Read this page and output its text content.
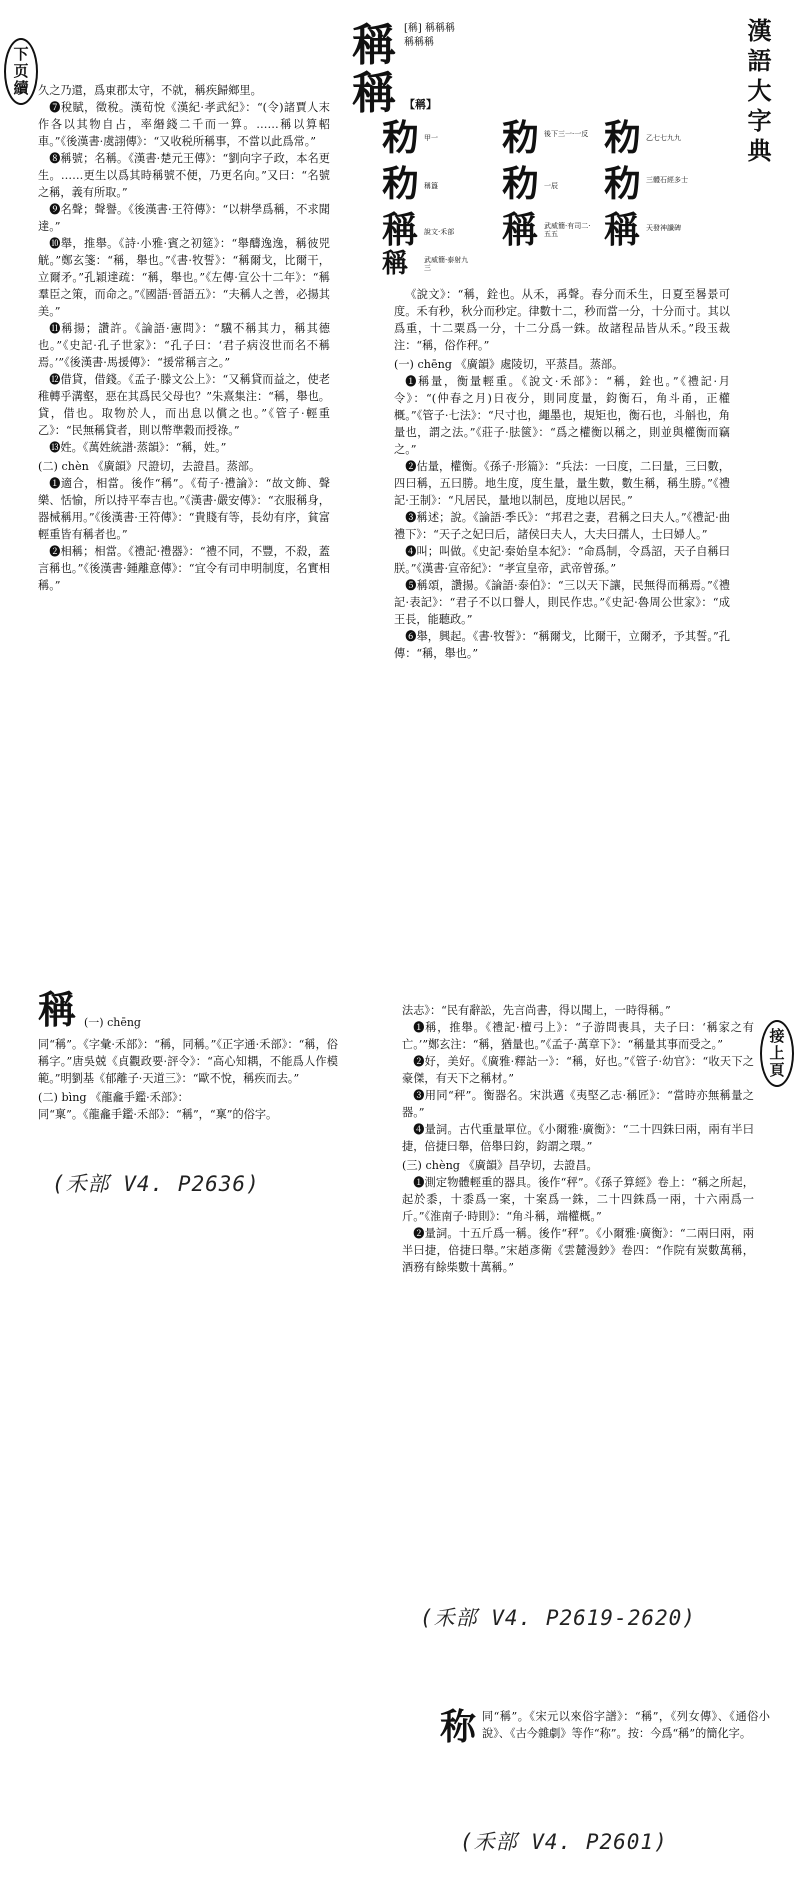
下页續 久之乃還，爲東郡太守，不就，稱疾歸鄉里。

❼稅賦，徵稅。漢荀悅《漢紀·孝武紀》：“(令)諸賈人末作各以其物自占，率緡錢二千而一算。……稱以算軺車。”《後漢書·虞詡傳》：“又收税所稱事，不當以此爲常。”

❽稱號；名稱。《漢書·楚元王傳》：“劉向字子政，本名更生。……更生以爲其時稱號不便，乃更名向。”又曰：“名號之稱，義有所取。”

❾名聲；聲譽。《後漢書·王符傳》：“以耕學爲稱，不求聞達。”

❿舉，推舉。《詩·小雅·賓之初筵》：“舉醻逸逸，稱彼兕觥。”鄭玄箋：“稱，舉也。”《書·牧誓》：“稱爾戈，比爾干，立爾矛。”孔穎達疏：“稱，舉也。”《左傳·宣公十二年》：“稱羣臣之策，而命之。”《國語·晉語五》：“夫稱人之善，必揚其美。”

⓫稱揚；讚許。《論語·憲問》：“驥不稱其力，稱其德也。”《史記·孔子世家》：“孔子曰：‘君子病沒世而名不稱焉。’”《後漢書·馬援傳》：“援常稱言之。”

⓬借貸，借錢。《孟子·滕文公上》：“又稱貸而益之，使老稚轉乎溝壑，惡在其爲民父母也？”朱熹集注：“稱，舉也。貸，借也。取物於人，而出息以償之也。”《管子·輕重乙》：“民無稱貸者，則以幣準穀而授祿。”

⓭姓。《萬姓統譜·蒸韻》：“稱，姓。”

(二) chèn 《廣韻》尺證切，去證昌。蒸部。

❶適合，相當。後作“稱”。《荀子·禮論》：“故文飾、聲樂、恬愉，所以持平奉吉也。”《漢書·嚴安傳》：“衣服稱身，器械稱用。”《後漢書·王符傳》：“貴賤有等，長幼有序，貧富輕重皆有稱者也。”

❷相稱；相當。《禮記·禮器》：“禮不同，不豐，不殺，蓋言稱也。”《後漢書·鍾離意傳》：“宜令有司申明制度，名實相稱。”

稱
稱
[稱] 稱稱稱
稱稱稱
【稱】	漢語大字典
𥝢 甲一	𥝢 後下三一·一反 𥝢 乙七七九九
𥝢 稱簋	𥝢 一辰	𥝢 三體石經多士
稱 說文·禾部	稱 武威簡·有司二·五五	稱 天發神讖碑
稱 武威簡·泰射九三

《說文》：“稱，銓也。从禾，爯聲。春分而禾生，日夏至晷景可度。禾有秒，秋分而秒定。律數十二，秒而當一分，十分而寸。其以爲重，十二粟爲一分，十二分爲一銖。故諸程品皆从禾。”段玉裁注：“稱，俗作秤。”

(一) chēng 《廣韻》處陵切，平蒸昌。蒸部。

❶稱量，衡量輕重。《說文·禾部》：“稱，銓也。”《禮記·月令》：“(仲春之月)日夜分，則同度量，鈞衡石，角斗甬，正權概。”《管子·七法》：“尺寸也，繩墨也，規矩也，衡石也，斗斛也，角量也，謂之法。”《莊子·胠篋》：“爲之權衡以稱之，則並與權衡而竊之。”

❷估量，權衡。《孫子·形篇》：“兵法：一曰度，二曰量，三曰數，四曰稱，五曰勝。地生度，度生量，量生數，數生稱，稱生勝。”《禮記·王制》：“凡居民，量地以制邑，度地以居民。”

❸稱述；說。《論語·季氏》：“邦君之妻，君稱之曰夫人。”《禮記·曲禮下》：“天子之妃曰后，諸侯曰夫人，大夫曰孺人，士曰婦人。”

❹叫；叫做。《史記·秦始皇本紀》：“命爲制，令爲詔，天子自稱曰朕。”《漢書·宣帝紀》：“孝宣皇帝，武帝曾孫。”

❺稱頌，讚揚。《論語·泰伯》：“三以天下讓，民無得而稱焉。”《禮記·表記》：“君子不以口譽人，則民作忠。”《史記·魯周公世家》：“成王長，能聽政。”

❻舉，興起。《書·牧誓》：“稱爾戈，比爾干，立爾矛，予其誓。”孔傳：“稱，舉也。”

稱 (一) chēng

同“稱”。《字彙·禾部》：“稱，同稱。”《正字通·禾部》：“稱，俗稱字。”唐吳兢《貞觀政要·評令》：“高心知耦，不能爲人作模範。”明劉基《郁離子·天道三》：“歐不悅，稱疾而去。”

(二) bìng 《龍龕手鑑·禾部》：

同“稟”。《龍龕手鑑·禾部》：“稱”，“稟”的俗字。

(禾部 V4. P2636)
接上頁

法志》：“民有辭訟，先言尚書，得以聞上，一時得稱。”

❶稱，推舉。《禮記·檀弓上》：“子游問喪具，夫子曰：‘稱家之有亡。’”鄭玄注：“稱，猶量也。”《孟子·萬章下》：“稱量其事而受之。”

❷好，美好。《廣雅·釋詁一》：“稱，好也。”《管子·幼官》：“收天下之豪傑，有天下之稱材。”

❸用同“秤”。衡器名。宋洪邁《夷堅乙志·稱匠》：“當時亦無稱量之器。”

❹量詞。古代重量單位。《小爾雅·廣衡》：“二十四銖曰兩，兩有半曰捷，倍捷曰舉，倍舉曰鈞，鈞謂之環。”

(三) chèng 《廣韻》昌孕切，去證昌。

❶測定物體輕重的器具。後作“秤”。《孫子算經》卷上：“稱之所起，起於黍，十黍爲一案，十案爲一銖，二十四銖爲一兩，十六兩爲一斤。”《淮南子·時則》：“角斗稱，端權概。”

❷量詞。十五斤爲一稱。後作“秤”。《小爾雅·廣衡》：“二兩曰兩，兩半曰捷，倍捷曰舉。”宋趙彥衛《雲麓漫鈔》卷四：“作院有炭數萬稱，酒務有餘柴數十萬稱。”

(禾部 V4. P2619-2620)
称 同“稱”。《宋元以來俗字譜》：“稱”，《列女傳》、《通俗小說》、《古今雜劇》等作“称”。按：今爲“稱”的簡化字。

(禾部 V4. P2601)
